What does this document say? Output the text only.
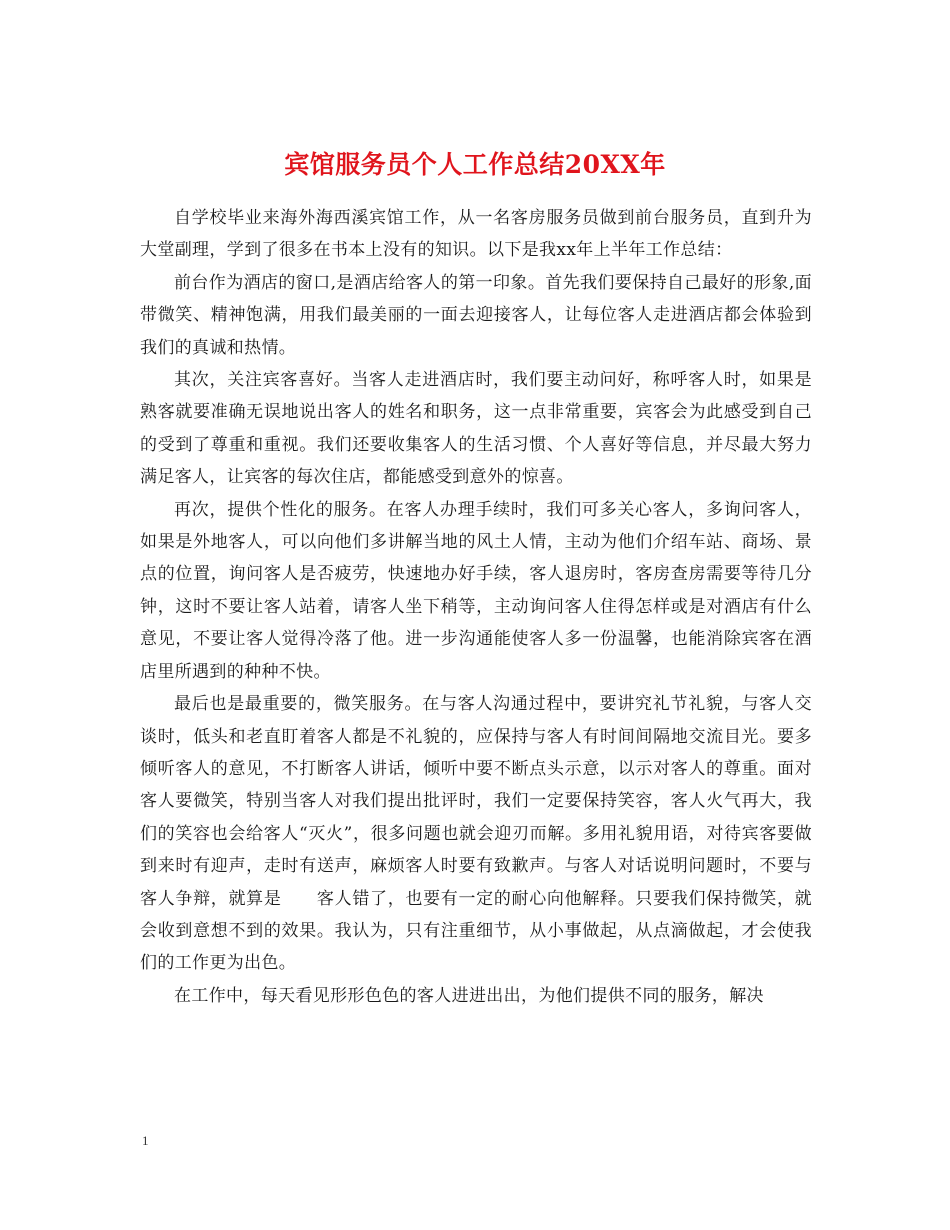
宾馆服务员个人工作总结20XX年

自学校毕业来海外海西溪宾馆工作，从一名客房服务员做到前台服务员，直到升为大堂副理，学到了很多在书本上没有的知识。以下是我xx年上半年工作总结：

前台作为酒店的窗口,是酒店给客人的第一印象。首先我们要保持自己最好的形象,面带微笑、精神饱满，用我们最美丽的一面去迎接客人，让每位客人走进酒店都会体验到我们的真诚和热情。

其次，关注宾客喜好。当客人走进酒店时，我们要主动问好，称呼客人时，如果是熟客就要准确无误地说出客人的姓名和职务，这一点非常重要，宾客会为此感受到自己的受到了尊重和重视。我们还要收集客人的生活习惯、个人喜好等信息，并尽最大努力满足客人，让宾客的每次住店，都能感受到意外的惊喜。

再次，提供个性化的服务。在客人办理手续时，我们可多关心客人，多询问客人，如果是外地客人，可以向他们多讲解当地的风土人情，主动为他们介绍车站、商场、景点的位置，询问客人是否疲劳，快速地办好手续，客人退房时，客房查房需要等待几分钟，这时不要让客人站着，请客人坐下稍等，主动询问客人住得怎样或是对酒店有什么意见，不要让客人觉得冷落了他。进一步沟通能使客人多一份温馨，也能消除宾客在酒店里所遇到的种种不快。

最后也是最重要的，微笑服务。在与客人沟通过程中，要讲究礼节礼貌，与客人交谈时，低头和老直盯着客人都是不礼貌的，应保持与客人有时间间隔地交流目光。要多倾听客人的意见，不打断客人讲话，倾听中要不断点头示意，以示对客人的尊重。面对客人要微笑，特别当客人对我们提出批评时，我们一定要保持笑容，客人火气再大，我们的笑容也会给客人“灭火”，很多问题也就会迎刃而解。多用礼貌用语，对待宾客要做到来时有迎声，走时有送声，麻烦客人时要有致歉声。与客人对话说明问题时，不要与客人争辩，就算是　　客人错了，也要有一定的耐心向他解释。只要我们保持微笑，就会收到意想不到的效果。我认为，只有注重细节，从小事做起，从点滴做起，才会使我们的工作更为出色。

在工作中，每天看见形形色色的客人进进出出，为他们提供不同的服务，解决

1
